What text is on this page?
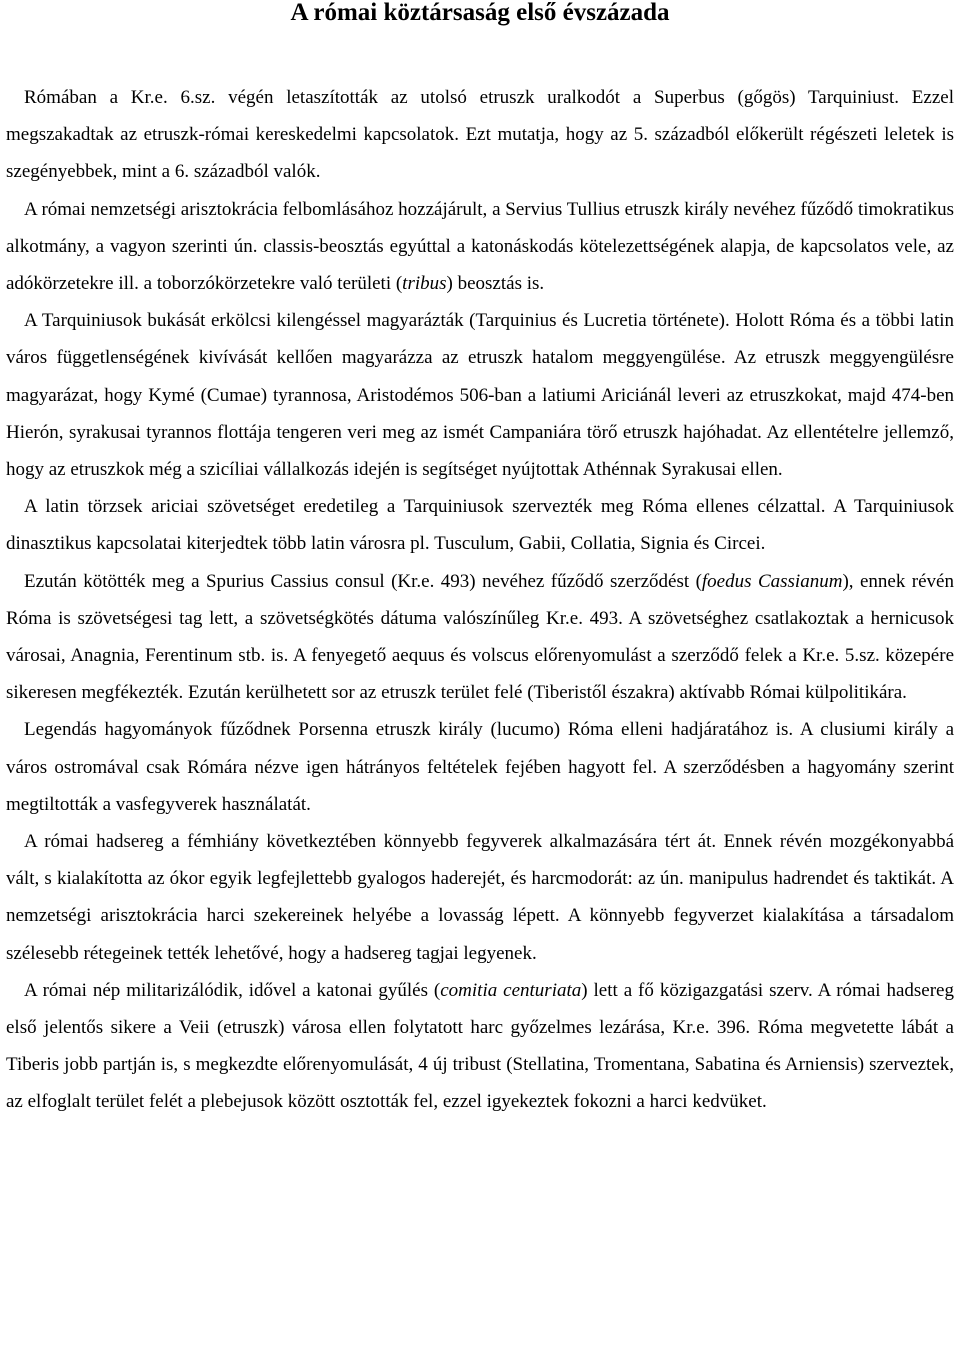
A római köztársaság első évszázada

Rómában a Kr.e. 6.sz. végén letaszították az utolsó etruszk uralkodót a Superbus (gőgös) Tarquiniust. Ezzel megszakadtak az etruszk-római kereskedelmi kapcsolatok. Ezt mutatja, hogy az 5. századból előkerült régészeti leletek is szegényebbek, mint a 6. századból valók.

A római nemzetségi arisztokrácia felbomlásához hozzájárult, a Servius Tullius etruszk király nevéhez fűződő timokratikus alkotmány, a vagyon szerinti ún. classis-beosztás egyúttal a katonáskodás kötelezettségének alapja, de kapcsolatos vele, az adókörzetekre ill. a toborzókörzetekre való területi (tribus) beosztás is.

A Tarquiniusok bukását erkölcsi kilengéssel magyarázták (Tarquinius és Lucretia története). Holott Róma és a többi latin város függetlenségének kivívását kellően magyarázza az etruszk hatalom meggyengülése. Az etruszk meggyengülésre magyarázat, hogy Kymé (Cumae) tyrannosa, Aristodémos 506-ban a latiumi Ariciánál leveri az etruszkokat, majd 474-ben Hierón, syrakusai tyrannos flottája tengeren veri meg az ismét Campaniára törő etruszk hajóhadat. Az ellentételre jellemző, hogy az etruszkok még a szicíliai vállalkozás idején is segítséget nyújtottak Athénnak Syrakusai ellen.

A latin törzsek ariciai szövetséget eredetileg a Tarquiniusok szervezték meg Róma ellenes célzattal. A Tarquiniusok dinasztikus kapcsolatai kiterjedtek több latin városra pl. Tusculum, Gabii, Collatia, Signia és Circei.

Ezután kötötték meg a Spurius Cassius consul (Kr.e. 493) nevéhez fűződő szerződést (foedus Cassianum), ennek révén Róma is szövetségesi tag lett, a szövetségkötés dátuma valószínűleg Kr.e. 493. A szövetséghez csatlakoztak a hernicusok városai, Anagnia, Ferentinum stb. is. A fenyegető aequus és volscus előrenyomulást a szerződő felek a Kr.e. 5.sz. közepére sikeresen megfékezték. Ezután kerülhetett sor az etruszk terület felé (Tiberistől északra) aktívabb Római külpolitikára.

Legendás hagyományok fűződnek Porsenna etruszk király (lucumo) Róma elleni hadjáratához is. A clusiumi király a város ostromával csak Rómára nézve igen hátrányos feltételek fejében hagyott fel. A szerződésben a hagyomány szerint megtiltották a vasfegyverek használatát.

A római hadsereg a fémhiány következtében könnyebb fegyverek alkalmazására tért át. Ennek révén mozgékonyabbá vált, s kialakította az ókor egyik legfejlettebb gyalogos haderejét, és harcmodorát: az ún. manipulus hadrendet és taktikát. A nemzetségi arisztokrácia harci szekereinek helyébe a lovasság lépett. A könnyebb fegyverzet kialakítása a társadalom szélesebb rétegeinek tették lehetővé, hogy a hadsereg tagjai legyenek.

A római nép militarizálódik, idővel a katonai gyűlés (comitia centuriata) lett a fő közigazgatási szerv. A római hadsereg első jelentős sikere a Veii (etruszk) városa ellen folytatott harc győzelmes lezárása, Kr.e. 396. Róma megvetette lábát a Tiberis jobb partján is, s megkezdte előrenyomulását, 4 új tribust (Stellatina, Tromentana, Sabatina és Arniensis) szerveztek, az elfoglalt terület felét a plebejusok között osztották fel, ezzel igyekeztek fokozni a harci kedvüket.
